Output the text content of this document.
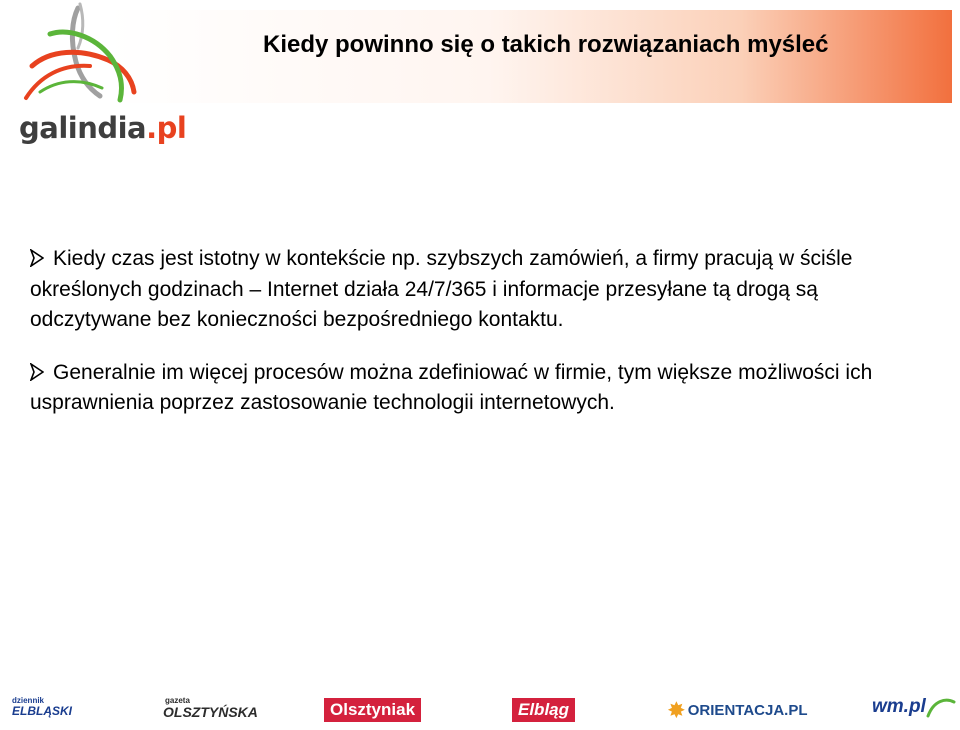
Kiedy powinno się o takich rozwiązaniach myśleć
galindia.pl

Kiedy czas jest istotny w kontekście np. szybszych zamówień, a firmy pracują w ściśle określonych godzinach – Internet działa 24/7/365 i informacje przesyłane tą drogą są odczytywane bez konieczności bezpośredniego kontaktu.

Generalnie im więcej procesów można zdefiniować w firmie, tym większe możliwości ich usprawnienia poprzez zastosowanie technologii internetowych.

dziennik
ELBLĄSKI
gazeta
OLSZTYŃSKA	Olsztyniak	Elbląg	✸ ORIENTACJA.PL	wm.pl
